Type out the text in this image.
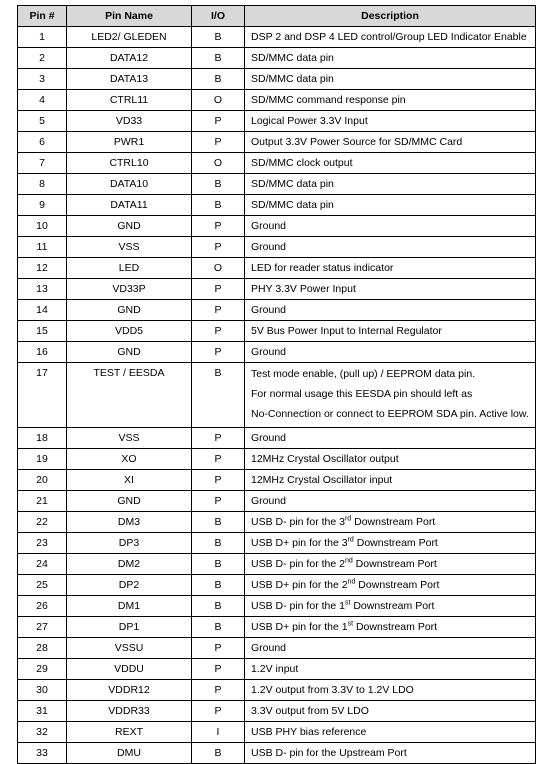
Pin #	Pin Name	I/O	Description
1	LED2/ GLEDEN	B	DSP 2 and DSP 4 LED control/Group LED Indicator Enable

2	DATA12	B	SD/MMC data pin

3	DATA13	B	SD/MMC data pin

4	CTRL11	O	SD/MMC command response pin

5	VD33	P	Logical Power 3.3V Input

6	PWR1	P	Output 3.3V Power Source for SD/MMC Card

7	CTRL10	O	SD/MMC clock output

8	DATA10	B	SD/MMC data pin

9	DATA11	B	SD/MMC data pin

10	GND	P	Ground

11	VSS	P	Ground

12	LED	O	LED for reader status indicator

13	VD33P	P	PHY 3.3V Power Input

14	GND	P	Ground

15	VDD5	P	5V Bus Power Input to Internal Regulator

16	GND	P	Ground

17	TEST / EESDA	B	Test mode enable, (pull up) / EEPROM data pin.
For normal usage this EESDA pin should left as
No-Connection or connect to EEPROM SDA pin. Active low.

18	VSS	P	Ground

19	XO	P	12MHz Crystal Oscillator output

20	XI	P	12MHz Crystal Oscillator input

21	GND	P	Ground

22	DM3	B	USB D- pin for the 3rd Downstream Port
23	DP3	B	USB D+ pin for the 3rd Downstream Port
24	DM2	B	USB D- pin for the 2nd Downstream Port
25	DP2	B	USB D+ pin for the 2nd Downstream Port
26	DM1	B	USB D- pin for the 1st Downstream Port
27	DP1	B	USB D+ pin for the 1st Downstream Port
28	VSSU	P	Ground

29	VDDU	P	1.2V input

30	VDDR12	P	1.2V output from 3.3V to 1.2V LDO

31	VDDR33	P	3.3V output from 5V LDO

32	REXT	I	USB PHY bias reference

33	DMU	B	USB D- pin for the Upstream Port
